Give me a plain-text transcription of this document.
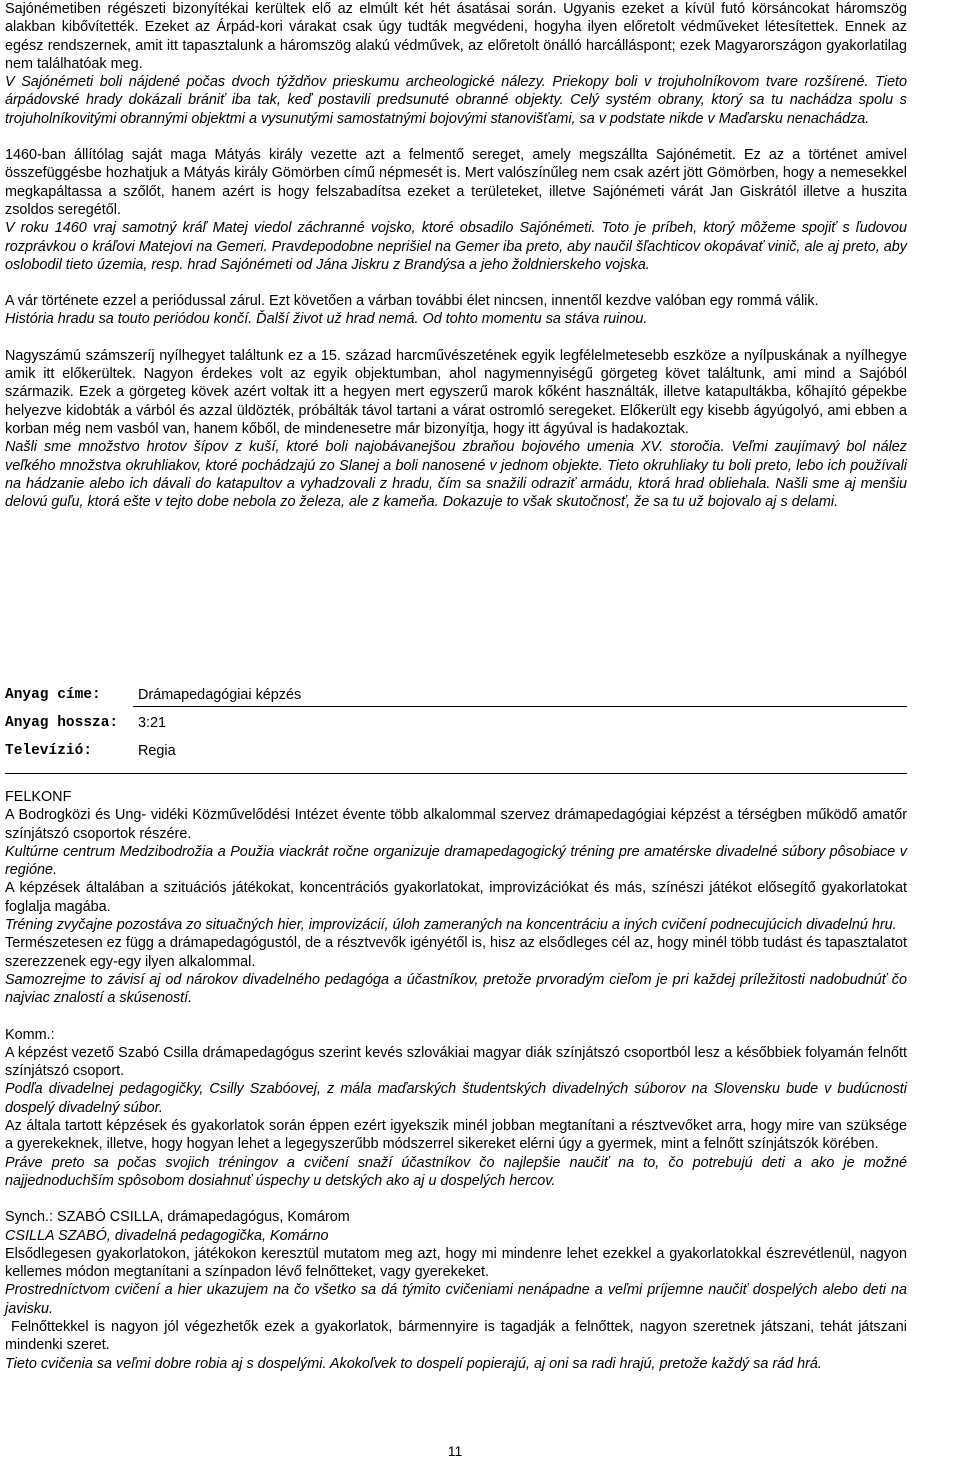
Sajónémetiben régészeti bizonyítékai kerültek elő az elmúlt két hét ásatásai során. Ugyanis ezeket a kívül futó körsáncokat háromszög alakban kibővítették. Ezeket az Árpád-kori várakat csak úgy tudták megvédeni, hogyha ilyen előretolt védműveket létesítettek. Ennek az egész rendszernek, amit itt tapasztalunk a háromszög alakú védművek, az előretolt önálló harcálláspont; ezek Magyarországon gyakorlatilag nem találhatóak meg.

V Sajónémeti boli nájdené počas dvoch týždňov prieskumu archeologické nálezy. Priekopy boli v trojuholníkovom tvare rozšírené. Tieto árpádovské hrady dokázali brániť iba tak, keď postavili predsunuté obranné objekty. Celý systém obrany, ktorý sa tu nachádza spolu s trojuholníkovitými obrannými objektmi a vysunutými samostatnými bojovými stanovišťami, sa v podstate nikde v Maďarsku nenachádza.

1460-ban állítólag saját maga Mátyás király vezette azt a felmentő sereget, amely megszállta Sajónémetit. Ez az a történet amivel összefüggésbe hozhatjuk a Mátyás király Gömörben című népmesét is. Mert valószínűleg nem csak azért jött Gömörben, hogy a nemesekkel megkapáltassa a szőlőt, hanem azért is hogy felszabadítsa ezeket a területeket, illetve Sajónémeti várát Jan Giskrától illetve a huszita zsoldos seregétől.

V roku 1460 vraj samotný kráľ Matej viedol záchranné vojsko, ktoré obsadilo Sajónémeti. Toto je príbeh, ktorý môžeme spojiť s ľudovou rozprávkou o kráľovi Matejovi na Gemeri. Pravdepodobne neprišiel na Gemer iba preto, aby naučil šľachticov okopávať vinič, ale aj preto, aby oslobodil tieto územia, resp. hrad Sajónémeti od Jána Jiskru z Brandýsa a jeho žoldnierskeho vojska.

A vár története ezzel a periódussal zárul. Ezt követően a várban további élet nincsen, innentől kezdve valóban egy rommá válik.

História hradu sa touto periódou končí. Ďalší život už hrad nemá. Od tohto momentu sa stáva ruinou.

Nagyszámú számszeríj nyílhegyet találtunk ez a 15. század harcművészetének egyik legfélelmetesebb eszköze a nyílpuskának a nyílhegye amik itt előkerültek. Nagyon érdekes volt az egyik objektumban, ahol nagymennyiségű görgeteg követ találtunk, ami mind a Sajóból származik. Ezek a görgeteg kövek azért voltak itt a hegyen mert egyszerű marok kőként használták, illetve katapultákba, kőhajító gépekbe helyezve kidobták a várból és azzal üldözték, próbálták távol tartani a várat ostromló seregeket. Előkerült egy kisebb ágyúgolyó, ami ebben a korban még nem vasból van, hanem kőből, de mindenesetre már bizonyítja, hogy itt ágyúval is hadakoztak.

Našli sme množstvo hrotov šípov z kuší, ktoré boli najobávanejšou zbraňou bojového umenia XV. storočia. Veľmi zaujímavý bol nález veľkého množstva okruhliakov, ktoré pochádzajú zo Slanej a boli nanosené v jednom objekte. Tieto okruhliaky tu boli preto, lebo ich používali na hádzanie alebo ich dávali do katapultov a vyhadzovali z hradu, čím sa snažili odraziť armádu, ktorá hrad obliehala. Našli sme aj menšiu delovú guľu, ktorá ešte v tejto dobe nebola zo železa, ale z kameňa. Dokazuje to však skutočnosť, že sa tu už bojovalo aj s delami.

Anyag címe:	Drámapedagógiai képzés
Anyag hossza:	3:21
Televízió:	Regia

FELKONF

A Bodrogközi és Ung- vidéki Közművelődési Intézet évente több alkalommal szervez drámapedagógiai képzést a térségben működő amatőr színjátszó csoportok részére.

Kultúrne centrum Medzibodrožia a Použia viackrát ročne organizuje dramapedagogický tréning pre amatérske divadelné súbory pôsobiace v regióne.

A képzések általában a szituációs játékokat, koncentrációs gyakorlatokat, improvizációkat és más, színészi játékot elősegítő gyakorlatokat foglalja magába.

Tréning zvyčajne pozostáva zo situačných hier, improvizácií, úloh zameraných na koncentráciu a iných cvičení podnecujúcich divadelnú hru.

Természetesen ez függ a drámapedagógustól, de a résztvevők igényétől is, hisz az elsődleges cél az, hogy minél több tudást és tapasztalatot szerezzenek egy-egy ilyen alkalommal.

Samozrejme to závisí aj od nárokov divadelného pedagóga a účastníkov, pretože prvoradým cieľom je pri každej príležitosti nadobudnúť čo najviac znalostí a skúseností.

Komm.:

A képzést vezető Szabó Csilla drámapedagógus szerint kevés szlovákiai magyar diák színjátszó csoportból lesz a későbbiek folyamán felnőtt színjátszó csoport.

Podľa divadelnej pedagogičky, Csilly Szabóovej, z mála maďarských študentských divadelných súborov na Slovensku bude v budúcnosti dospelý divadelný súbor.

Az általa tartott képzések és gyakorlatok során éppen ezért igyekszik minél jobban megtanítani a résztvevőket arra, hogy mire van szüksége a gyerekeknek, illetve, hogy hogyan lehet a legegyszerűbb módszerrel sikereket elérni úgy a gyermek, mint a felnőtt színjátszók körében.

Práve preto sa počas svojich tréningov a cvičení snaží účastníkov čo najlepšie naučiť na to, čo potrebujú deti a ako je možné najjednoduchším spôsobom dosiahnuť úspechy u detských ako aj u dospelých hercov.

Synch.: SZABÓ CSILLA, drámapedagógus, Komárom

CSILLA SZABÓ, divadelná pedagogička, Komárno

Elsődlegesen gyakorlatokon, játékokon keresztül mutatom meg azt, hogy mi mindenre lehet ezekkel a gyakorlatokkal észrevétlenül, nagyon kellemes módon megtanítani a színpadon lévő felnőtteket, vagy gyerekeket.

Prostredníctvom cvičení a hier ukazujem na čo všetko sa dá týmito cvičeniami nenápadne a veľmi príjemne naučiť dospelých alebo deti na javisku.

Felnőttekkel is nagyon jól végezhetők ezek a gyakorlatok, bármennyire is tagadják a felnőttek, nagyon szeretnek játszani, tehát játszani mindenki szeret.

Tieto cvičenia sa veľmi dobre robia aj s dospelými. Akokoľvek to dospelí popierajú, aj oni sa radi hrajú, pretože každý sa rád hrá.

11
